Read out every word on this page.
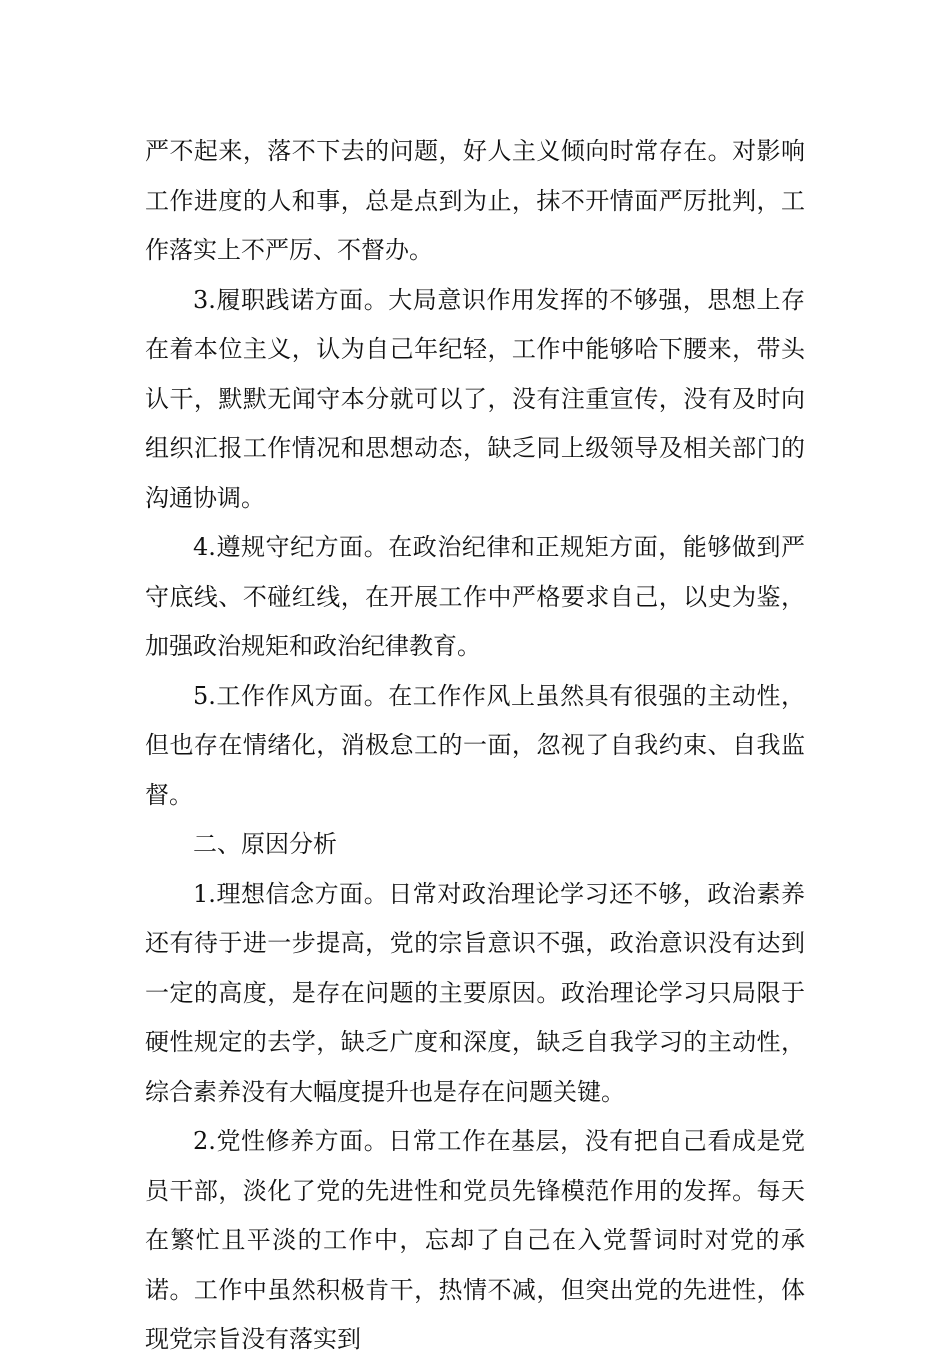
严不起来，落不下去的问题，好人主义倾向时常存在。对影响工作进度的人和事，总是点到为止，抹不开情面严厉批判，工作落实上不严厉、不督办。

3.履职践诺方面。大局意识作用发挥的不够强，思想上存在着本位主义，认为自己年纪轻，工作中能够哈下腰来，带头认干，默默无闻守本分就可以了，没有注重宣传，没有及时向组织汇报工作情况和思想动态，缺乏同上级领导及相关部门的沟通协调。

4.遵规守纪方面。在政治纪律和正规矩方面，能够做到严守底线、不碰红线，在开展工作中严格要求自己，以史为鉴，加强政治规矩和政治纪律教育。

5.工作作风方面。在工作作风上虽然具有很强的主动性，但也存在情绪化，消极怠工的一面，忽视了自我约束、自我监督。

二、原因分析

1.理想信念方面。日常对政治理论学习还不够，政治素养还有待于进一步提高，党的宗旨意识不强，政治意识没有达到一定的高度，是存在问题的主要原因。政治理论学习只局限于硬性规定的去学，缺乏广度和深度，缺乏自我学习的主动性，综合素养没有大幅度提升也是存在问题关键。

2.党性修养方面。日常工作在基层，没有把自己看成是党员干部，淡化了党的先进性和党员先锋模范作用的发挥。每天在繁忙且平淡的工作中，忘却了自己在入党誓词时对党的承诺。工作中虽然积极肯干，热情不减，但突出党的先进性，体现党宗旨没有落实到
